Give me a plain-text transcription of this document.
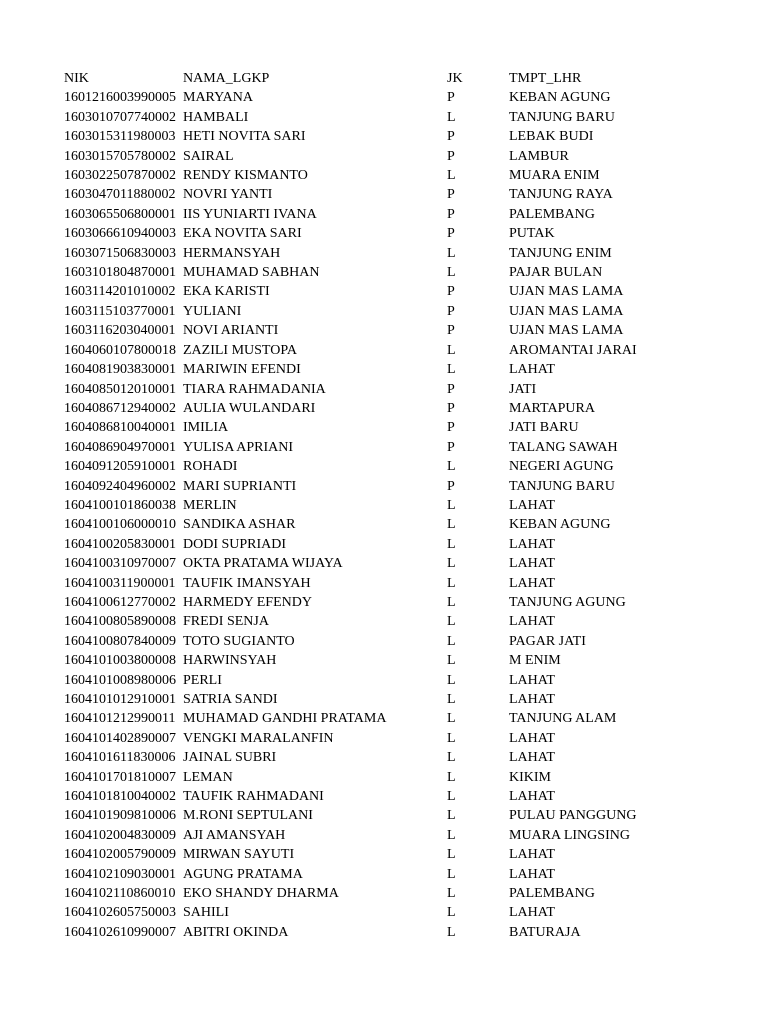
NIK	NAMA_LGKP	JK	TMPT_LHR
1601216003990005	MARYANA	P	KEBAN AGUNG
1603010707740002	HAMBALI	L	TANJUNG BARU
1603015311980003	HETI NOVITA SARI	P	LEBAK BUDI
1603015705780002	SAIRAL	P	LAMBUR
1603022507870002	RENDY KISMANTO	L	MUARA ENIM
1603047011880002	NOVRI YANTI	P	TANJUNG RAYA
1603065506800001	IIS YUNIARTI IVANA	P	PALEMBANG
1603066610940003	EKA NOVITA SARI	P	PUTAK
1603071506830003	HERMANSYAH	L	TANJUNG ENIM
1603101804870001	MUHAMAD SABHAN	L	PAJAR BULAN
1603114201010002	EKA KARISTI	P	UJAN MAS LAMA
1603115103770001	YULIANI	P	UJAN MAS LAMA
1603116203040001	NOVI ARIANTI	P	UJAN MAS LAMA
1604060107800018	ZAZILI MUSTOPA	L	AROMANTAI JARAI
1604081903830001	MARIWIN EFENDI	L	LAHAT
1604085012010001	TIARA RAHMADANIA	P	JATI
1604086712940002	AULIA WULANDARI	P	MARTAPURA
1604086810040001	IMILIA	P	JATI BARU
1604086904970001	YULISA APRIANI	P	TALANG SAWAH
1604091205910001	ROHADI	L	NEGERI AGUNG
1604092404960002	MARI SUPRIANTI	P	TANJUNG BARU
1604100101860038	MERLIN	L	LAHAT
1604100106000010	SANDIKA ASHAR	L	KEBAN AGUNG
1604100205830001	DODI SUPRIADI	L	LAHAT
1604100310970007	OKTA PRATAMA WIJAYA	L	LAHAT
1604100311900001	TAUFIK IMANSYAH	L	LAHAT
1604100612770002	HARMEDY EFENDY	L	TANJUNG AGUNG
1604100805890008	FREDI SENJA	L	LAHAT
1604100807840009	TOTO SUGIANTO	L	PAGAR JATI
1604101003800008	HARWINSYAH	L	M ENIM
1604101008980006	PERLI	L	LAHAT
1604101012910001	SATRIA SANDI	L	LAHAT
1604101212990011	MUHAMAD GANDHI PRATAMA	L	TANJUNG ALAM
1604101402890007	VENGKI MARALANFIN	L	LAHAT
1604101611830006	JAINAL SUBRI	L	LAHAT
1604101701810007	LEMAN	L	KIKIM
1604101810040002	TAUFIK RAHMADANI	L	LAHAT
1604101909810006	M.RONI SEPTULANI	L	PULAU PANGGUNG
1604102004830009	AJI AMANSYAH	L	MUARA LINGSING
1604102005790009	MIRWAN SAYUTI	L	LAHAT
1604102109030001	AGUNG PRATAMA	L	LAHAT
1604102110860010	EKO SHANDY DHARMA	L	PALEMBANG
1604102605750003	SAHILI	L	LAHAT
1604102610990007	ABITRI OKINDA	L	BATURAJA
